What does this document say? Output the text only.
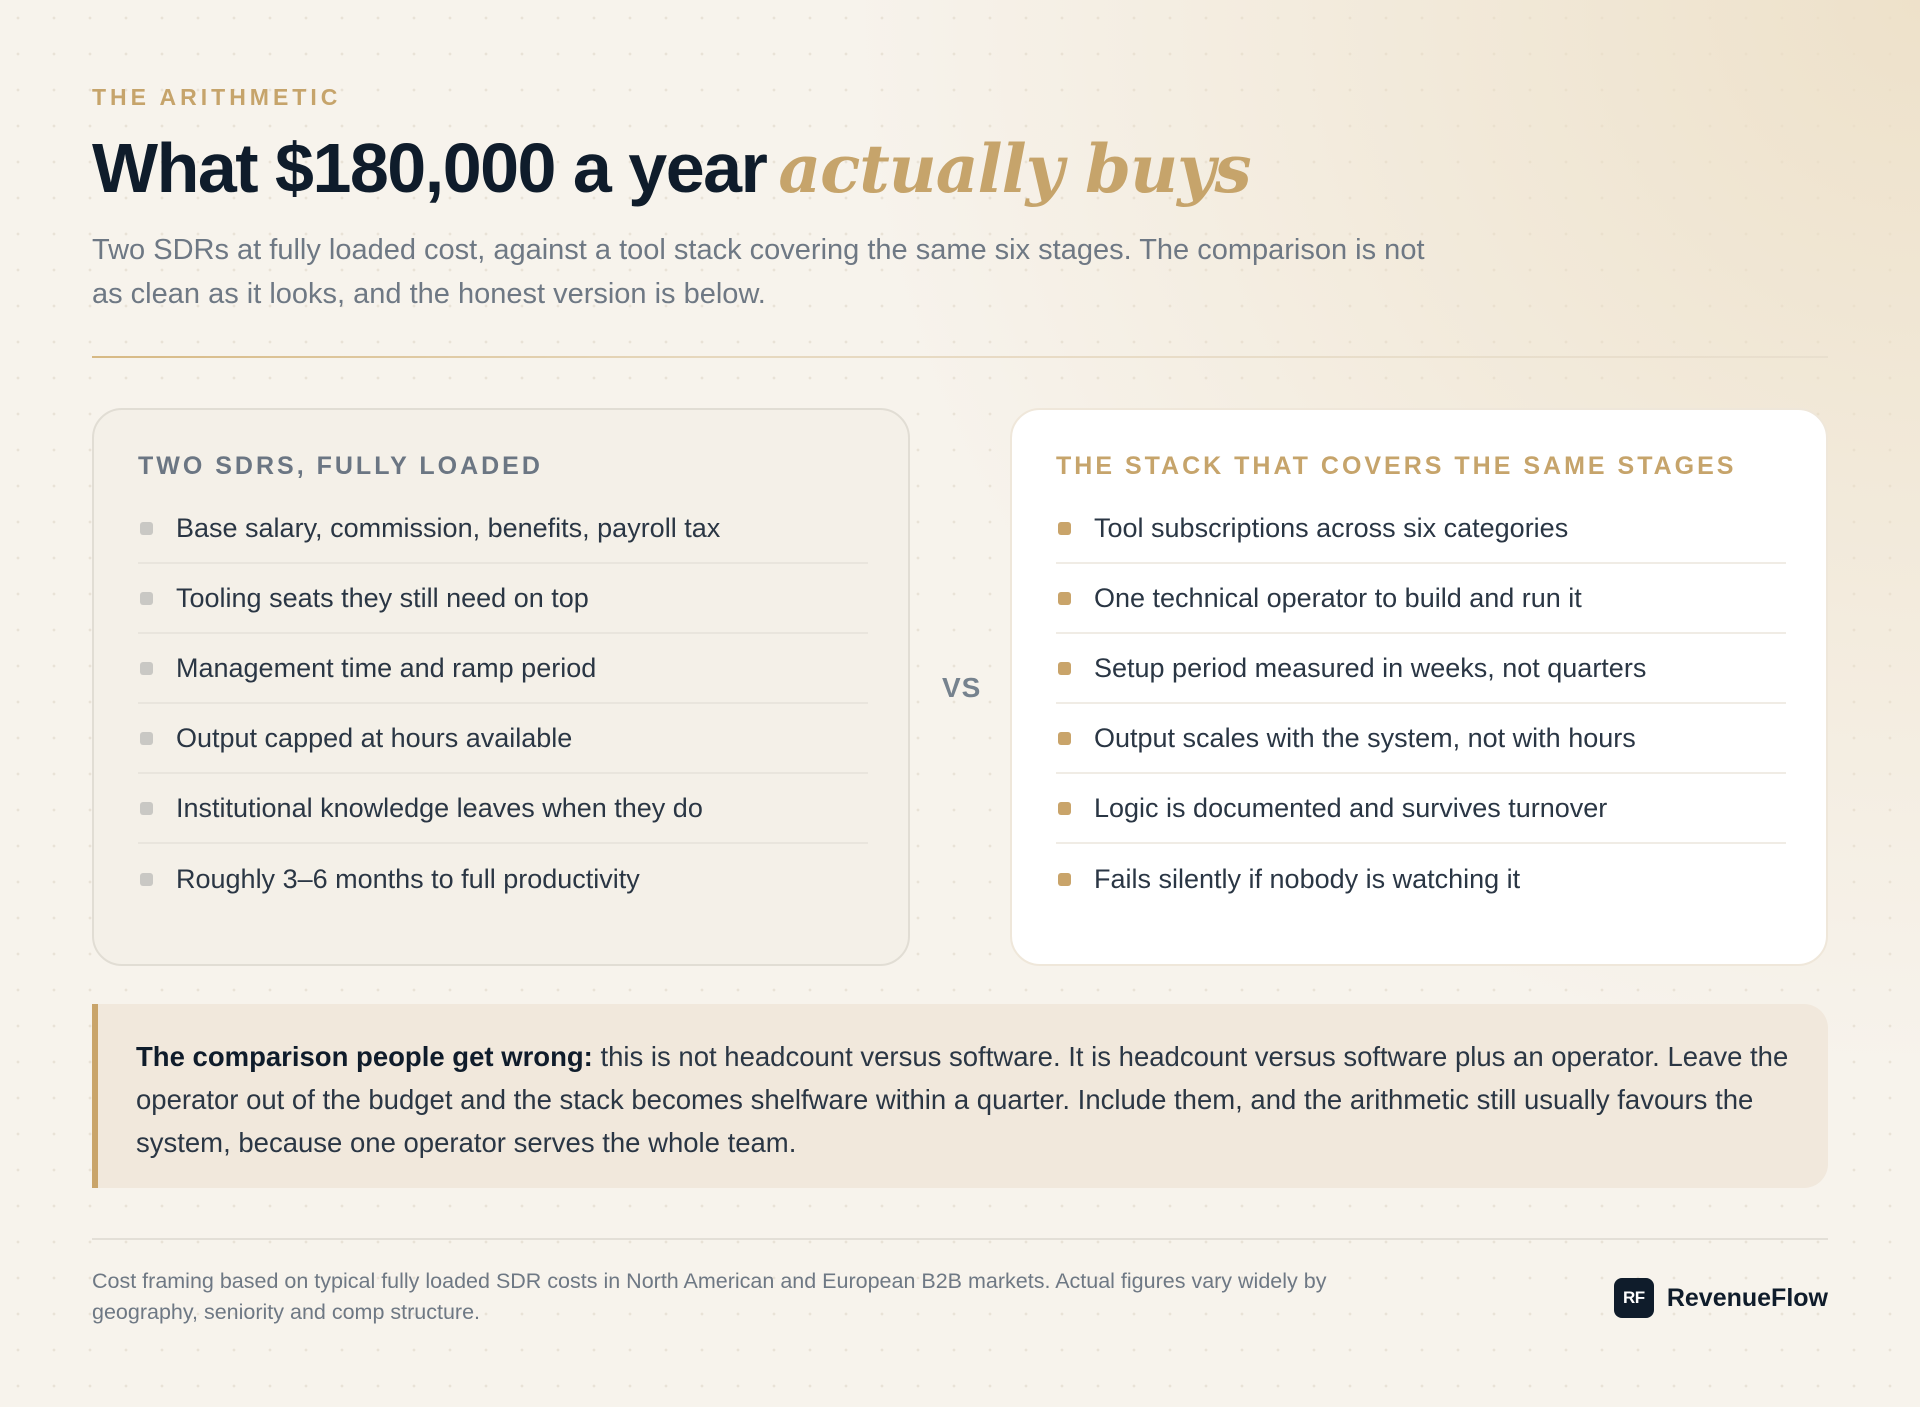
THE ARITHMETIC
What $180,000 a year actually buys

Two SDRs at fully loaded cost, against a tool stack covering the same six stages. The comparison is not as clean as it looks, and the honest version is below.

TWO SDRS, FULLY LOADED
Base salary, commission, benefits, payroll tax
Tooling seats they still need on top
Management time and ramp period
Output capped at hours available
Institutional knowledge leaves when they do
Roughly 3–6 months to full productivity
VS
THE STACK THAT COVERS THE SAME STAGES
Tool subscriptions across six categories
One technical operator to build and run it
Setup period measured in weeks, not quarters
Output scales with the system, not with hours
Logic is documented and survives turnover
Fails silently if nobody is watching it

The comparison people get wrong: this is not headcount versus software. It is headcount versus software plus an operator. Leave the operator out of the budget and the stack becomes shelfware within a quarter. Include them, and the arithmetic still usually favours the system, because one operator serves the whole team.

Cost framing based on typical fully loaded SDR costs in North American and European B2B markets. Actual figures vary widely by geography, seniority and comp structure.

RF RevenueFlow
